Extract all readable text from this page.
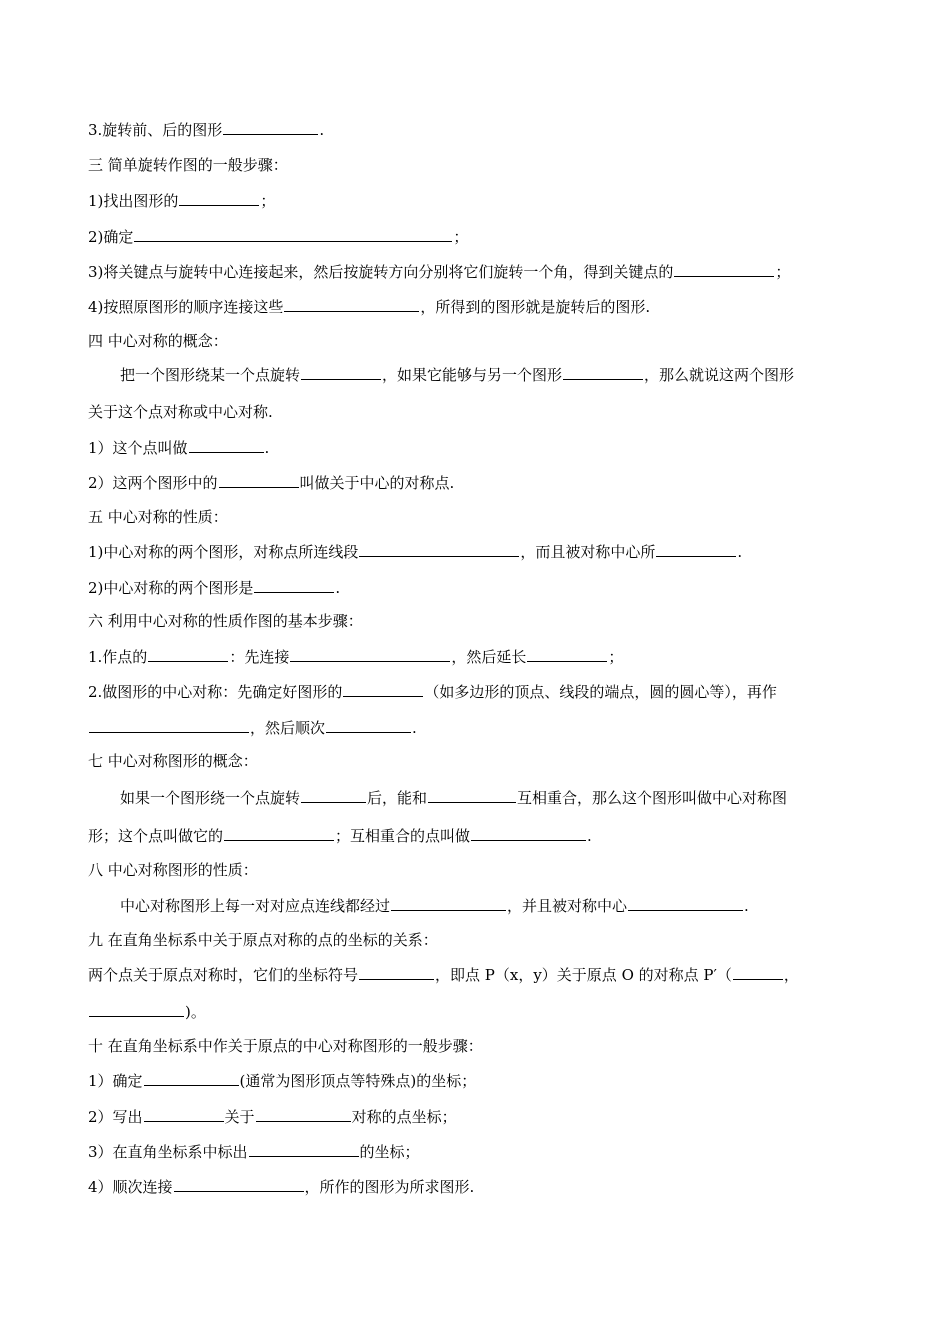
3.旋转前、后的图形	.
三 简单旋转作图的一般步骤：
1)找出图形的	；
2)确定	；
3)将关键点与旋转中心连接起来，然后按旋转方向分别将它们旋转一个角，得到关键点的	；
4)按照原图形的顺序连接这些	，所得到的图形就是旋转后的图形.
四 中心对称的概念：
把一个图形绕某一个点旋转	，如果它能够与另一个图形	，那么就说这两个图形
关于这个点对称或中心对称.
1）这个点叫做	.
2）这两个图形中的	叫做关于中心的对称点.
五 中心对称的性质：
1)中心对称的两个图形，对称点所连线段	，而且被对称中心所	.
2)中心对称的两个图形是	.
六 利用中心对称的性质作图的基本步骤：
1.作点的	：先连接	，然后延长	；
2.做图形的中心对称：先确定好图形的	（如多边形的顶点、线段的端点，圆的圆心等），再作
，然后顺次	.
七 中心对称图形的概念：
如果一个图形绕一个点旋转	后，能和	互相重合，那么这个图形叫做中心对称图
形；这个点叫做它的	；互相重合的点叫做	.
八 中心对称图形的性质：
中心对称图形上每一对对应点连线都经过	，并且被对称中心	.
九 在直角坐标系中关于原点对称的点的坐标的关系：
两个点关于原点对称时，它们的坐标符号	，即点 P（x，y）关于原点 O 的对称点 P′（	，
)。
十 在直角坐标系中作关于原点的中心对称图形的一般步骤：
1）确定	(通常为图形顶点等特殊点)的坐标；
2）写出	关于	对称的点坐标；
3）在直角坐标系中标出	的坐标；
4）顺次连接	，所作的图形为所求图形.
